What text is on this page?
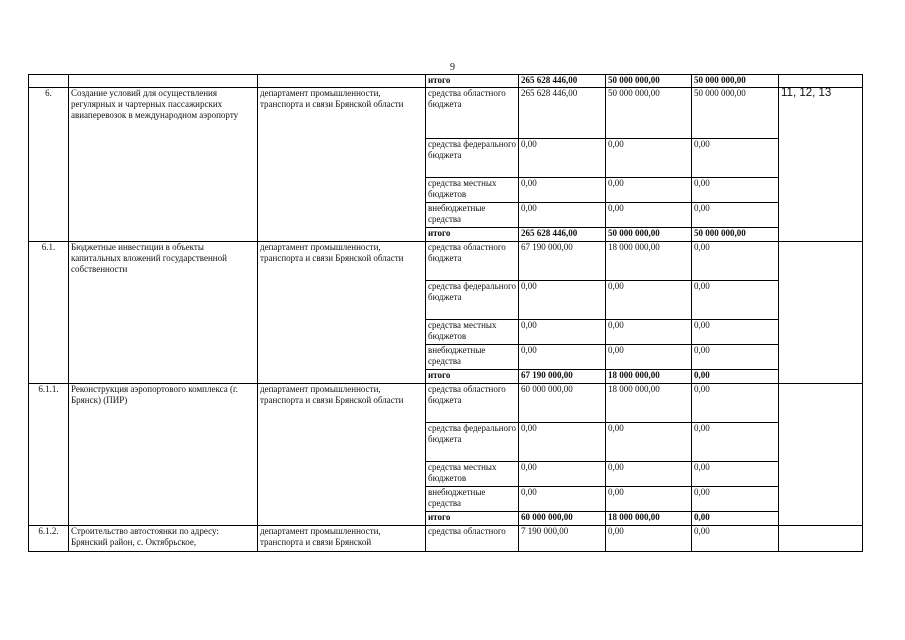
9
			итого	265 628 446,00	50 000 000,00	50 000 000,00	
6.	Создание условий для осуществления регулярных и чартерных пассажирских авиаперевозок в международном аэропорту	департамент промышленности, транспорта и связи Брянской области	средства областного бюджета	265 628 446,00	50 000 000,00	50 000 000,00	11, 12, 13
			средства федерального бюджета	0,00	0,00	0,00	
			средства местных бюджетов	0,00	0,00	0,00	
			внебюджетные средства	0,00	0,00	0,00	
			итого	265 628 446,00	50 000 000,00	50 000 000,00	
6.1.	Бюджетные инвестиции в объекты капитальных вложений государственной собственности	департамент промышленности, транспорта и связи Брянской области	средства областного бюджета	67 190 000,00	18 000 000,00	0,00	
			средства федерального бюджета	0,00	0,00	0,00	
			средства местных бюджетов	0,00	0,00	0,00	
			внебюджетные средства	0,00	0,00	0,00	
			итого	67 190 000,00	18 000 000,00	0,00	
6.1.1.	Реконструкция аэропортового комплекса (г. Брянск) (ПИР)	департамент промышленности, транспорта и связи Брянской области	средства областного бюджета	60 000 000,00	18 000 000,00	0,00	
			средства федерального бюджета	0,00	0,00	0,00	
			средства местных бюджетов	0,00	0,00	0,00	
			внебюджетные средства	0,00	0,00	0,00	
			итого	60 000 000,00	18 000 000,00	0,00	
6.1.2.	Строительство автостоянки по адресу: Брянский район, с. Октябрьское,	департамент промышленности, транспорта и связи Брянской	средства областного	7 190 000,00	0,00	0,00	
